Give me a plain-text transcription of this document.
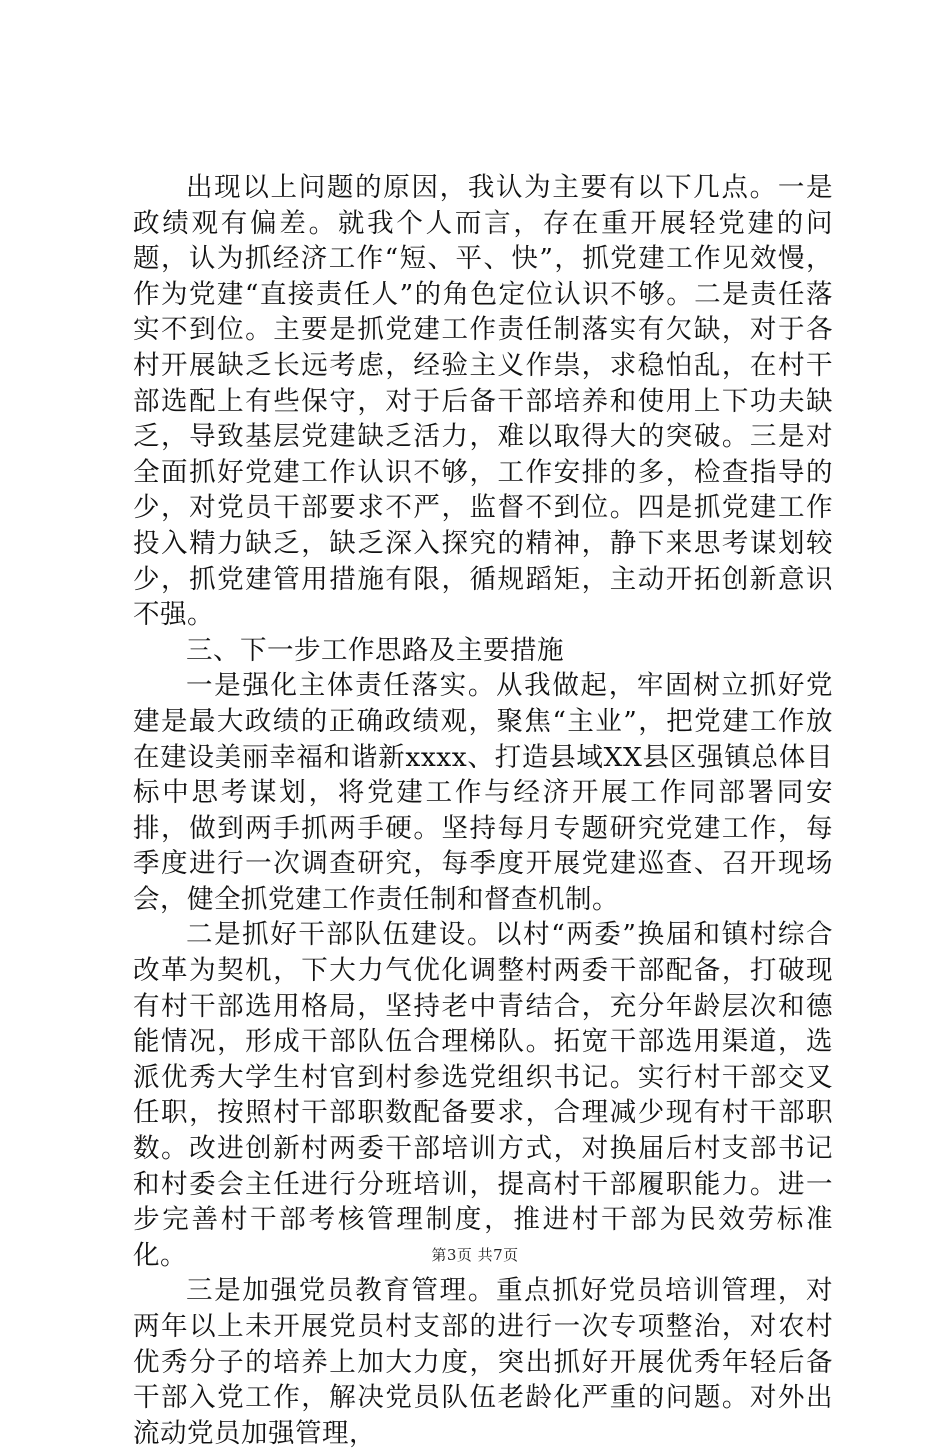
出现以上问题的原因，我认为主要有以下几点。一是政绩观有偏差。就我个人而言，存在重开展轻党建的问题，认为抓经济工作“短、平、快”，抓党建工作见效慢，作为党建“直接责任人”的角色定位认识不够。二是责任落实不到位。主要是抓党建工作责任制落实有欠缺，对于各村开展缺乏长远考虑，经验主义作祟，求稳怕乱，在村干部选配上有些保守，对于后备干部培养和使用上下功夫缺乏，导致基层党建缺乏活力，难以取得大的突破。三是对全面抓好党建工作认识不够，工作安排的多，检查指导的少，对党员干部要求不严，监督不到位。四是抓党建工作投入精力缺乏，缺乏深入探究的精神，静下来思考谋划较少，抓党建管用措施有限，循规蹈矩，主动开拓创新意识不强。

三、下一步工作思路及主要措施

一是强化主体责任落实。从我做起，牢固树立抓好党建是最大政绩的正确政绩观，聚焦“主业”，把党建工作放在建设美丽幸福和谐新xxxx、打造县域XX县区强镇总体目标中思考谋划，将党建工作与经济开展工作同部署同安排，做到两手抓两手硬。坚持每月专题研究党建工作，每季度进行一次调查研究，每季度开展党建巡查、召开现场会，健全抓党建工作责任制和督查机制。

二是抓好干部队伍建设。以村“两委”换届和镇村综合改革为契机，下大力气优化调整村两委干部配备，打破现有村干部选用格局，坚持老中青结合，充分年龄层次和德能情况，形成干部队伍合理梯队。拓宽干部选用渠道，选派优秀大学生村官到村参选党组织书记。实行村干部交叉任职，按照村干部职数配备要求，合理减少现有村干部职数。改进创新村两委干部培训方式，对换届后村支部书记和村委会主任进行分班培训，提高村干部履职能力。进一步完善村干部考核管理制度，推进村干部为民效劳标准化。

三是加强党员教育管理。重点抓好党员培训管理，对两年以上未开展党员村支部的进行一次专项整治，对农村优秀分子的培养上加大力度，突出抓好开展优秀年轻后备干部入党工作，解决党员队伍老龄化严重的问题。对外出流动党员加强管理，

第3页 共7页
